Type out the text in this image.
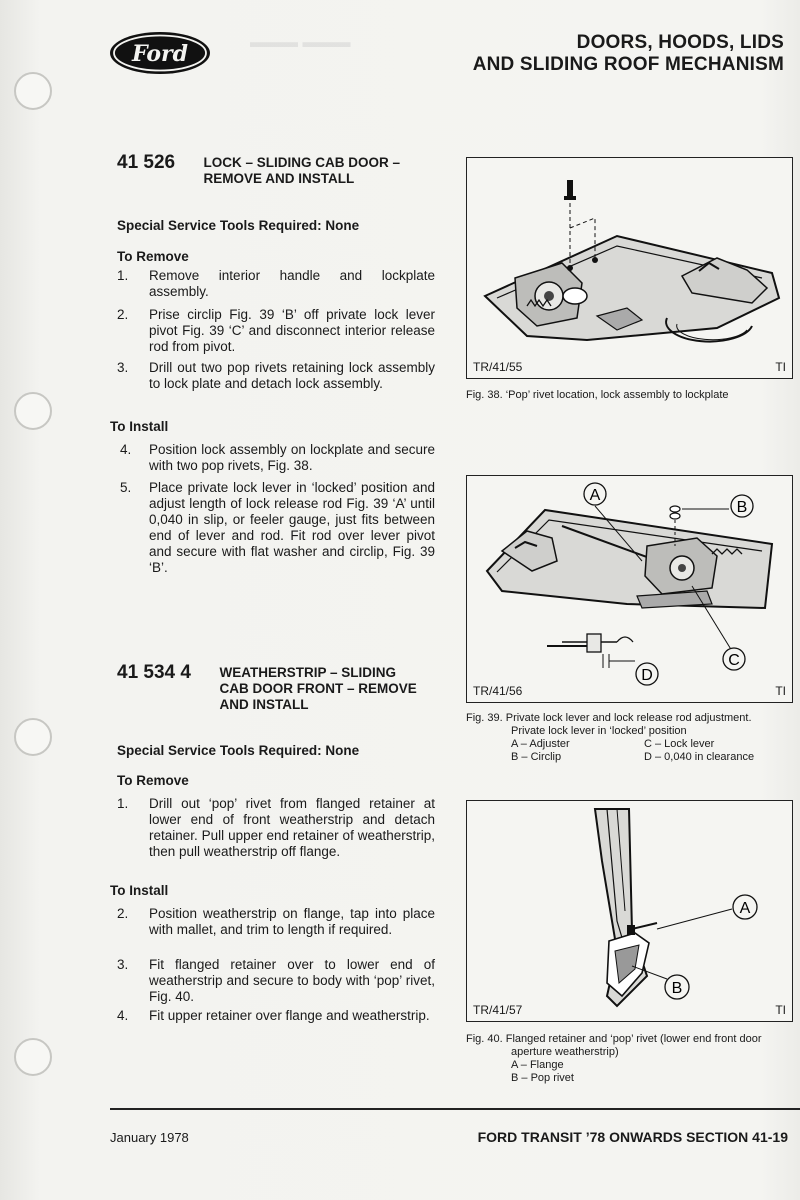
▬▬▬ ▬▬▬
Ford	DOORS, HOODS, LIDS
AND SLIDING ROOF MECHANISM
41 526 LOCK – SLIDING CAB DOOR –
REMOVE AND INSTALL
Special Service Tools Required: None
To Remove
1.	Remove interior handle and lockplate assembly.
2.	Prise circlip Fig. 39 ‘B’ off private lock lever pivot Fig. 39 ‘C’ and disconnect interior release rod from pivot.
3.	Drill out two pop rivets retaining lock assembly to lock plate and detach lock assembly.
To Install
4.	Position lock assembly on lockplate and secure with two pop rivets, Fig. 38.
5.	Place private lock lever in ‘locked’ position and adjust length of lock release rod Fig. 39 ‘A’ until 0,040 in slip, or feeler gauge, just fits between end of lever and rod. Fit rod over lever pivot and secure with flat washer and circlip, Fig. 39 ‘B’.
41 534 4 WEATHERSTRIP – SLIDING
CAB DOOR FRONT – REMOVE
AND INSTALL
Special Service Tools Required: None
To Remove
1.	Drill out ‘pop’ rivet from flanged retainer at lower end of front weatherstrip and detach retainer. Pull upper end retainer of weatherstrip, then pull weatherstrip off flange.
To Install
2.	Position weatherstrip on flange, tap into place with mallet, and trim to length if required.
3.	Fit flanged retainer over to lower end of weatherstrip and secure to body with ‘pop’ rivet, Fig. 40.
4.	Fit upper retainer over flange and weatherstrip.
TR/41/55	TI
Fig. 38. ‘Pop’ rivet location, lock assembly to lockplate
A
B
C
D
TR/41/56	TI
Fig. 39. Private lock lever and lock release rod adjustment.
Private lock lever in ‘locked’ position
A – Adjuster
B – Circlip
C – Lock lever
D – 0,040 in clearance
A
B
TR/41/57	TI
Fig. 40. Flanged retainer and ‘pop’ rivet (lower end front door
aperture weatherstrip)
A – Flange
B – Pop rivet
January 1978	FORD TRANSIT ’78 ONWARDS SECTION 41-19
